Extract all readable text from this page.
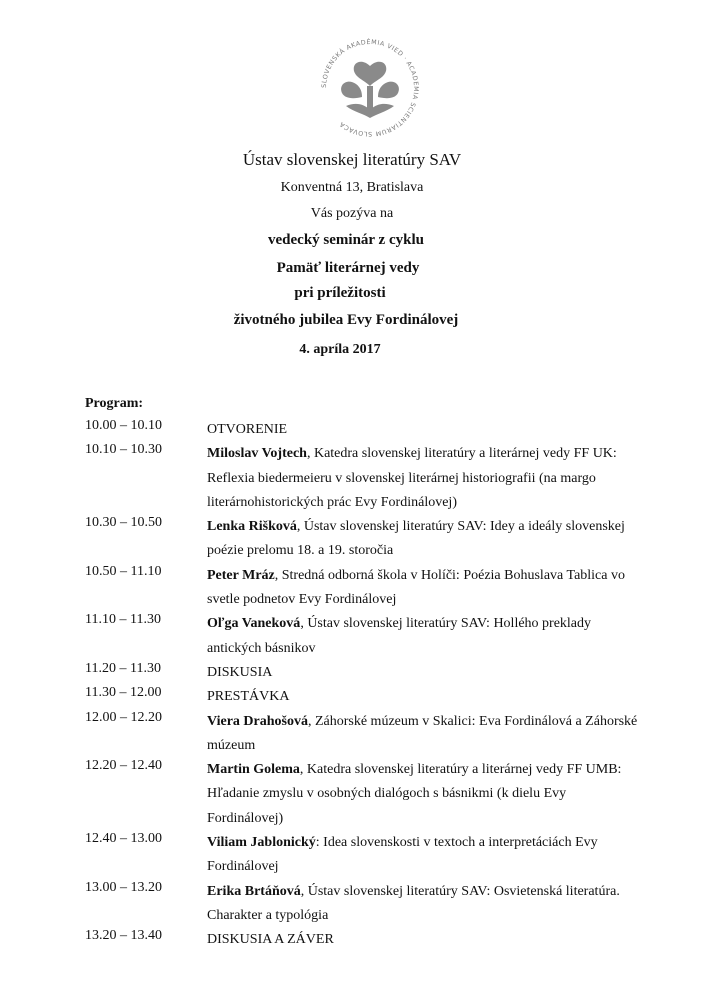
SLOVENSKÁ AKADÉMIA VIED · ACADEMIA SCIENTIARUM SLOVACA
Ústav slovenskej literatúry SAV
Konventná 13, Bratislava
Vás pozýva na
vedecký seminár z cyklu
Pamäť literárnej vedy
pri príležitosti
životného jubilea Evy Fordinálovej
4. apríla 2017
Program:
10.00 – 10.10	OTVORENIE
10.10 – 10.30	Miloslav Vojtech, Katedra slovenskej literatúry a literárnej vedy FF UK: Reflexia biedermeieru v slovenskej literárnej historiografii (na margo literárnohistorických prác Evy Fordinálovej)
10.30 – 10.50	Lenka Rišková, Ústav slovenskej literatúry SAV: Idey a ideály slovenskej poézie prelomu 18. a 19. storočia
10.50 – 11.10	Peter Mráz, Stredná odborná škola v Holíči: Poézia Bohuslava Tablica vo svetle podnetov Evy Fordinálovej
11.10 – 11.30	Oľga Vaneková, Ústav slovenskej literatúry SAV: Hollého preklady antických básnikov
11.20 – 11.30	DISKUSIA
11.30 – 12.00	PRESTÁVKA
12.00 – 12.20	Viera Drahošová, Záhorské múzeum v Skalici: Eva Fordinálová a Záhorské múzeum
12.20 – 12.40	Martin Golema, Katedra slovenskej literatúry a literárnej vedy FF UMB: Hľadanie zmyslu v osobných dialógoch s básnikmi (k dielu Evy Fordinálovej)
12.40 – 13.00	Viliam Jablonický: Idea slovenskosti v textoch a interpretáciách Evy Fordinálovej
13.00 – 13.20	Erika Brtáňová, Ústav slovenskej literatúry SAV: Osvietenská literatúra. Charakter a typológia
13.20 – 13.40	DISKUSIA A ZÁVER
